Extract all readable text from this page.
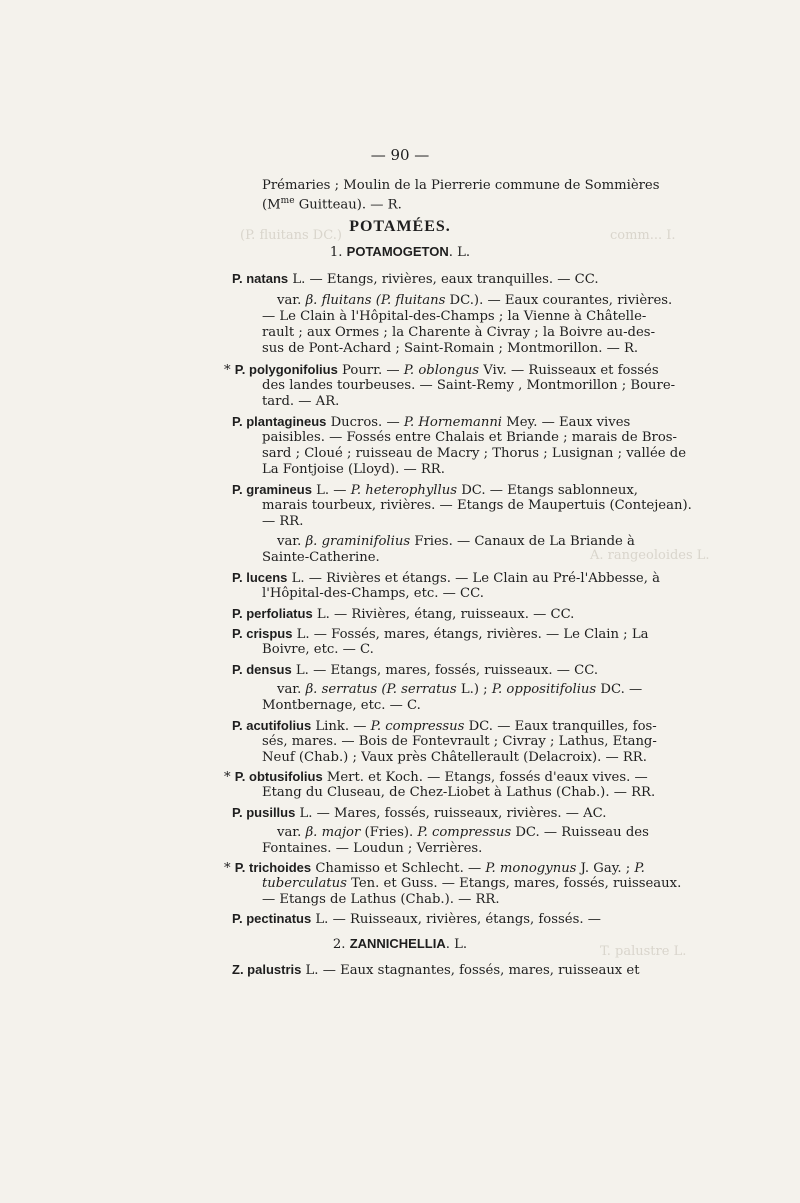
comm... I.
(P. fluitans DC.)
A. rangeoloides L.
T. palustre L.
— 90 —
Prémaries ; Moulin de la Pierrerie commune de Sommières
($M^{me}$ Guitteau). — R.
POTAMÉES.
1. POTAMOGETON. L.
P. natans L. — Etangs, rivières, eaux tranquilles. — CC.
var. β. fluitans (P. fluitans DC.). — Eaux courantes, rivières.
— Le Clain à l'Hôpital-des-Champs ; la Vienne à Châtelle-
rault ; aux Ormes ; la Charente à Civray ; la Boivre au-des-
sus de Pont-Achard ; Saint-Romain ; Montmorillon. — R.
* P. polygonifolius Pourr. — P. oblongus Viv. — Ruisseaux et fossés
des landes tourbeuses. — Saint-Remy , Montmorillon ; Boure-
tard. — AR.
P. plantagineus Ducros. — P. Hornemanni Mey. — Eaux vives
paisibles. — Fossés entre Chalais et Briande ; marais de Bros-
sard ; Cloué ; ruisseau de Macry ; Thorus ; Lusignan ; vallée de
La Fontjoise (Lloyd). — RR.
P. gramineus L. — P. heterophyllus DC. — Etangs sablonneux,
marais tourbeux, rivières. — Etangs de Maupertuis (Contejean).
— RR.
var. β. graminifolius Fries. — Canaux de La Briande à
Sainte-Catherine.
P. lucens L. — Rivières et étangs. — Le Clain au Pré-l'Abbesse, à
l'Hôpital-des-Champs, etc. — CC.
P. perfoliatus L. — Rivières, étang, ruisseaux. — CC.
P. crispus L. — Fossés, mares, étangs, rivières. — Le Clain ; La
Boivre, etc. — C.
P. densus L. — Etangs, mares, fossés, ruisseaux. — CC.
var. β. serratus (P. serratus L.) ; P. oppositifolius DC. —
Montbernage, etc. — C.
P. acutifolius Link. — P. compressus DC. — Eaux tranquilles, fos-
sés, mares. — Bois de Fontevrault ; Civray ; Lathus, Etang-
Neuf (Chab.) ; Vaux près Châtellerault (Delacroix). — RR.
* P. obtusifolius Mert. et Koch. — Etangs, fossés d'eaux vives. —
Etang du Cluseau, de Chez-Liobet à Lathus (Chab.). — RR.
P. pusillus L. — Mares, fossés, ruisseaux, rivières. — AC.
var. β. major (Fries). P. compressus DC. — Ruisseau des
Fontaines. — Loudun ; Verrières.
* P. trichoides Chamisso et Schlecht. — P. monogynus J. Gay. ; P.
tuberculatus Ten. et Guss. — Etangs, mares, fossés, ruisseaux.
— Etangs de Lathus (Chab.). — RR.
P. pectinatus L. — Ruisseaux, rivières, étangs, fossés. —
2. ZANNICHELLIA. L.
Z. palustris L. — Eaux stagnantes, fossés, mares, ruisseaux et
